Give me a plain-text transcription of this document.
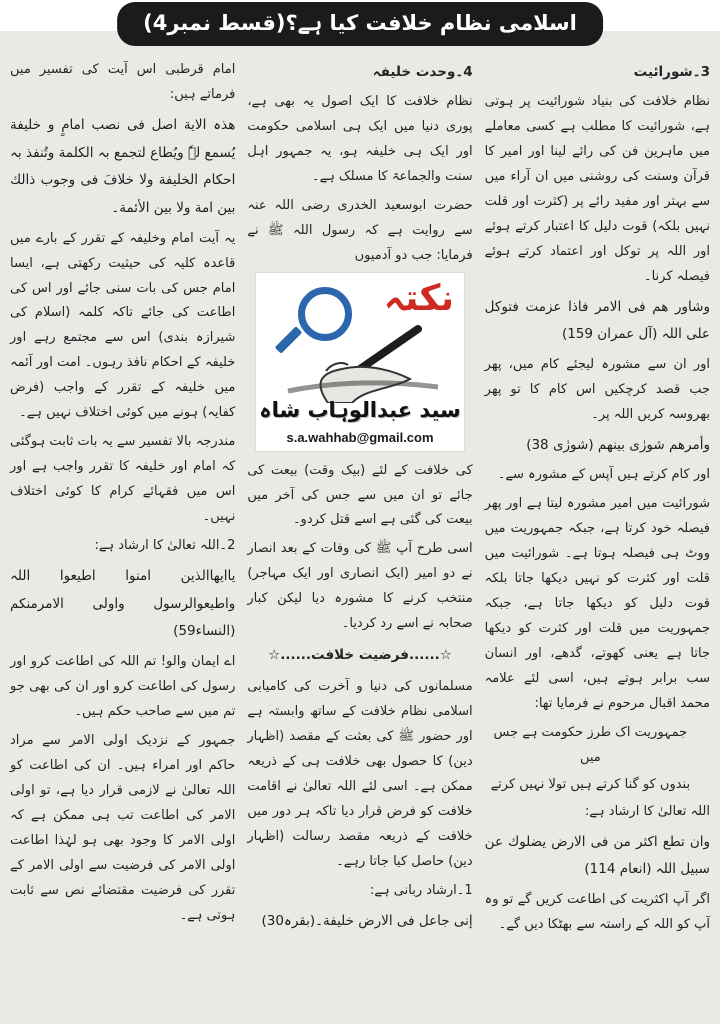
اسلامی نظام خلافت کیا ہے؟(قسط نمبر4)

3۔شورائیت

نظام خلافت کی بنیاد شورائیت پر ہوتی ہے، شورائیت کا مطلب ہے کسی معاملے میں ماہرین فن کی رائے لینا اور امیر کا قرآن وسنت کی روشنی میں ان آراء میں سے بہتر اور مفید رائے پر (کثرت اور قلت نہیں بلکہ) قوت دلیل کا اعتبار کرتے ہوئے اور اللہ پر توکل اور اعتماد کرتے ہوئے فیصلہ کرنا۔

وشاور ھم فی الامر فاذا عزمت فتوکل علی اللہ (آل عمران 159)

اور ان سے مشورہ لیجئے کام میں، پھر جب قصد کرچکیں اس کام کا تو پھر بھروسہ کریں اللہ پر۔

وأمرھم شورٰی بینھم (شورٰی 38)

اور کام کرتے ہیں آپس کے مشورہ سے۔

شورائیت میں امیر مشورہ لیتا ہے اور پھر فیصلہ خود کرتا ہے، جبکہ جمہوریت میں ووٹ ہی فیصلہ ہوتا ہے۔ شورائیت میں قلت اور کثرت کو نہیں دیکھا جاتا بلکہ قوت دلیل کو دیکھا جاتا ہے، جبکہ جمہوریت میں قلت اور کثرت کو دیکھا جاتا ہے یعنی کھوتے، گدھے، اور انسان سب برابر ہوتے ہیں، اسی لئے علامہ محمد اقبال مرحوم نے فرمایا تھا:

جمہوریت اک طرز حکومت ہے جس میں

بندوں کو گنا کرتے ہیں تولا نہیں کرتے

اللہ تعالیٰ کا ارشاد ہے:

وان تطع اکثر من فی الارض یضلوك عن سبیل اللہ (انعام 114)

اگر آپ اکثریت کی اطاعت کریں گے تو وہ آپ کو اللہ کے راستہ سے بھٹکا دیں گے۔

4۔وحدت خلیفہ

نظام خلافت کا ایک اصول یہ بھی ہے، پوری دنیا میں ایک ہی اسلامی حکومت اور ایک ہی خلیفہ ہو، یہ جمہور اہل سنت والجماعۃ کا مسلک ہے۔

حضرت ابوسعید الخدری رضی اللہ عنہ سے روایت ہے کہ رسول اللہ ﷺ نے فرمایا: جب دو آدمیوں

نکتہ
سید عبدالوہاب شاہ
s.a.wahhab@gmail.com

کی خلافت کے لئے (بیک وقت) بیعت کی جائے تو ان میں سے جس کی آخر میں بیعت کی گئی ہے اسے قتل کردو۔

اسی طرح آپ ﷺ کی وفات کے بعد انصار نے دو امیر (ایک انصاری اور ایک مہاجر) منتخب کرنے کا مشورہ دیا لیکن کبار صحابہ نے اسے رد کردیا۔

☆......فرضیت خلافت......☆

مسلمانوں کی دنیا و آخرت کی کامیابی اسلامی نظام خلافت کے ساتھ وابستہ ہے اور حضور ﷺ کی بعثت کے مقصد (اظہار دین) کا حصول بھی خلافت ہی کے ذریعہ ممکن ہے۔ اسی لئے اللہ تعالیٰ نے اقامت خلافت کو فرض قرار دیا تاکہ ہر دور میں خلافت کے ذریعہ مقصد رسالت (اظہار دین) حاصل کیا جاتا رہے۔

1۔ارشاد ربانی ہے:

إنی جاعل فی الارض خلیفة۔(بقرہ30)

امام قرطبی اس آیت کی تفسیر میں فرماتے ہیں:

ھذہ الایة اصل فی نصب امامٍ و خلیفة یُسمع لہٗ ویُطاع لتجمع بہ الکلمة وتُنفذ بہ احکام الخلیفة ولا خلافَ فی وجوب ذالك بین امة ولا بین الأئمة۔

یہ آیت امام وخلیفہ کے تقرر کے بارے میں قاعدہ کلیہ کی حیثیت رکھتی ہے، ایسا امام جس کی بات سنی جائے اور اس کی اطاعت کی جائے تاکہ کلمہ (اسلام کی شیرازہ بندی) اس سے مجتمع رہے اور خلیفہ کے احکام نافذ رہوں۔ امت اور آئمہ میں خلیفہ کے تقرر کے واجب (فرض کفایہ) ہونے میں کوئی اختلاف نہیں ہے۔

مندرجہ بالا تفسیر سے یہ بات ثابت ہوگئی کہ امام اور خلیفہ کا تقرر واجب ہے اور اس میں فقہائے کرام کا کوئی اختلاف نہیں۔

2۔اللہ تعالیٰ کا ارشاد ہے:

یاایھاالذین امنوا اطیعوا اللہ واطیعوالرسول واولی الامرمنکم (النساء59)

اے ایمان والو! تم اللہ کی اطاعت کرو اور رسول کی اطاعت کرو اور ان کی بھی جو تم میں سے صاحب حکم ہیں۔

جمہور کے نزدیک اولی الامر سے مراد حاکم اور امراء ہیں۔ ان کی اطاعت کو اللہ تعالیٰ نے لازمی قرار دیا ہے، تو اولی الامر کی اطاعت تب ہی ممکن ہے کہ اولی الامر کا وجود بھی ہو لہٰذا اطاعت اولی الامر کی فرضیت سے اولی الامر کے تقرر کی فرضیت مقتضائے نص سے ثابت ہوتی ہے۔
